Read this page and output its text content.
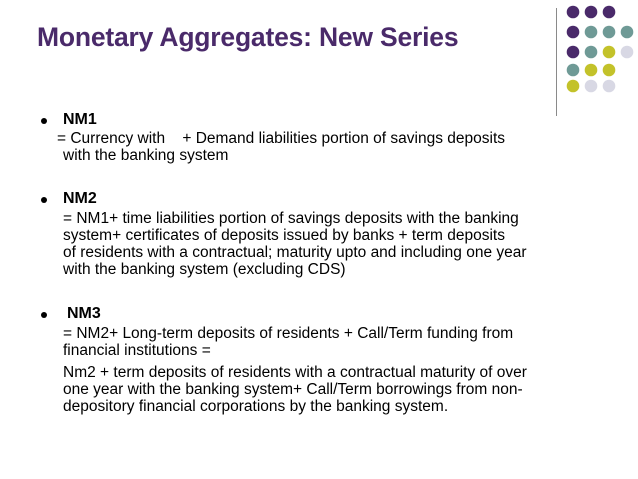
Monetary Aggregates: New Series
NM1
= Currency with    + Demand liabilities portion of savings deposits
with the banking system
NM2
= NM1+ time liabilities portion of savings deposits with the banking
system+ certificates of deposits issued by banks + term deposits
of residents with a contractual; maturity upto and including one year
with the banking system (excluding CDS)
NM3
= NM2+ Long-term deposits of residents + Call/Term funding from
financial institutions =
Nm2 + term deposits of residents with a contractual maturity of over
one year with the banking system+ Call/Term borrowings from non-
depository financial corporations by the banking system.
